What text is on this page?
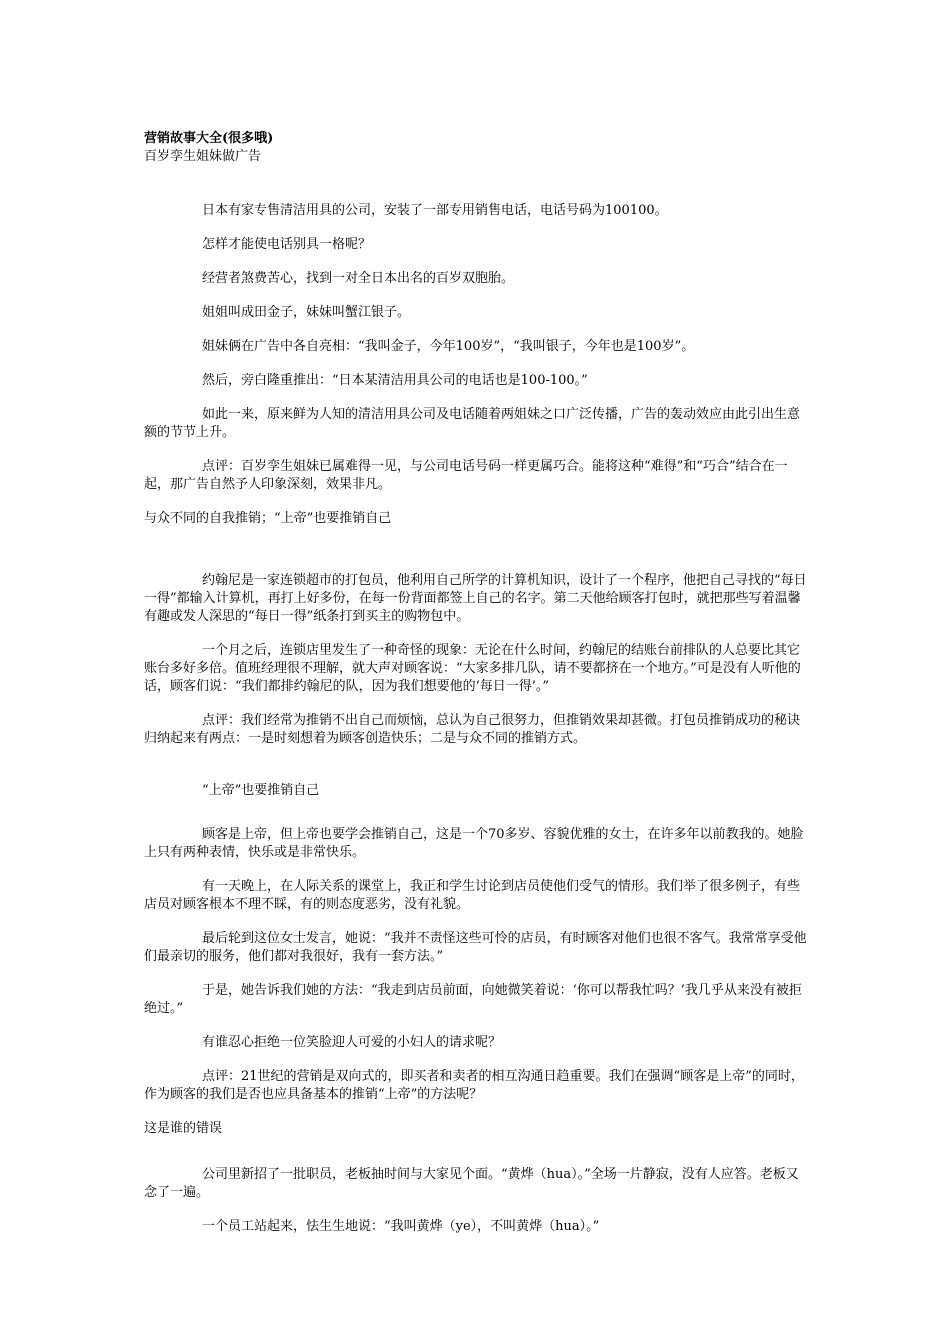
营销故事大全(很多哦)
百岁孪生姐妹做广告

日本有家专售清洁用具的公司，安装了一部专用销售电话，电话号码为100100。

怎样才能使电话别具一格呢？

经营者煞费苦心，找到一对全日本出名的百岁双胞胎。

姐姐叫成田金子，妹妹叫蟹江银子。

姐妹俩在广告中各自亮相：“我叫金子，今年100岁”，“我叫银子，今年也是100岁”。

然后，旁白隆重推出：“日本某清洁用具公司的电话也是100-100。”

如此一来，原来鲜为人知的清洁用具公司及电话随着两姐妹之口广泛传播，广告的轰动效应由此引出生意额的节节上升。

点评：百岁孪生姐妹已属难得一见，与公司电话号码一样更属巧合。能将这种“难得”和“巧合”结合在一起，那广告自然予人印象深刻，效果非凡。

与众不同的自我推销；“上帝”也要推销自己

约翰尼是一家连锁超市的打包员，他利用自己所学的计算机知识，设计了一个程序，他把自己寻找的“每日一得”都输入计算机，再打上好多份，在每一份背面都签上自己的名字。第二天他给顾客打包时，就把那些写着温馨有趣或发人深思的“每日一得”纸条打到买主的购物包中。

一个月之后，连锁店里发生了一种奇怪的现象：无论在什么时间，约翰尼的结账台前排队的人总要比其它账台多好多倍。值班经理很不理解，就大声对顾客说：“大家多排几队，请不要都挤在一个地方。”可是没有人听他的话，顾客们说：“我们都排约翰尼的队，因为我们想要他的‘每日一得’。”

点评：我们经常为推销不出自己而烦恼，总认为自己很努力，但推销效果却甚微。打包员推销成功的秘诀归纳起来有两点：一是时刻想着为顾客创造快乐；二是与众不同的推销方式。

“上帝”也要推销自己

顾客是上帝，但上帝也要学会推销自己，这是一个70多岁、容貌优雅的女士，在许多年以前教我的。她脸上只有两种表情，快乐或是非常快乐。

有一天晚上，在人际关系的课堂上，我正和学生讨论到店员使他们受气的情形。我们举了很多例子，有些店员对顾客根本不理不睬，有的则态度恶劣，没有礼貌。

最后轮到这位女士发言，她说：“我并不责怪这些可怜的店员，有时顾客对他们也很不客气。我常常享受他们最亲切的服务，他们都对我很好，我有一套方法。”

于是，她告诉我们她的方法：“我走到店员前面，向她微笑着说：‘你可以帮我忙吗？’我几乎从来没有被拒绝过。”

有谁忍心拒绝一位笑脸迎人可爱的小妇人的请求呢？

点评：21世纪的营销是双向式的，即买者和卖者的相互沟通日趋重要。我们在强调“顾客是上帝”的同时，作为顾客的我们是否也应具备基本的推销“上帝”的方法呢？

这是谁的错误

公司里新招了一批职员，老板抽时间与大家见个面。“黄烨（hua）。”全场一片静寂，没有人应答。老板又念了一遍。

一个员工站起来，怯生生地说：“我叫黄烨（ye），不叫黄烨（hua）。”
